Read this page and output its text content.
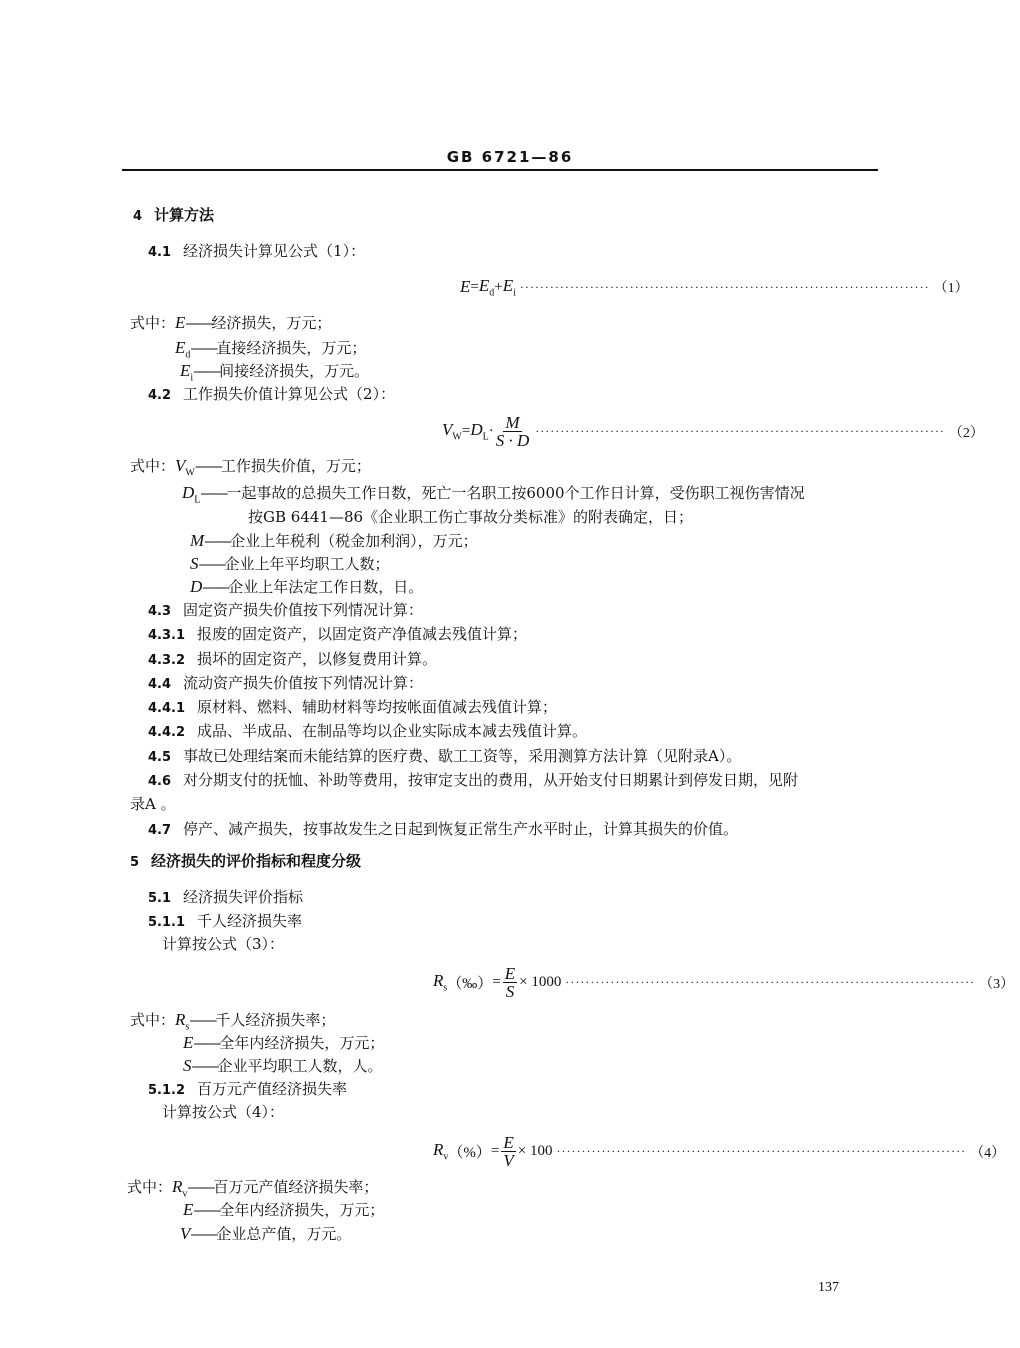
GB 6721—86
4 计算方法
4.1 经济损失计算见公式（1）：
$E = E_d + E_i$ ·················································································· （1）
式中：E——经济损失，万元；
$E_d——$直接经济损失，万元；
$E_i——$间接经济损失，万元。
4.2 工作损失价值计算见公式（2）：
$V_W = D_L \cdot \frac{M}{S \cdot D}$ ·················································································· （2）
式中：$V_W——$工作损失价值，万元；
$D_L——$一起事故的总损失工作日数，死亡一名职工按6000个工作日计算，受伤职工视伤害情况
按GB 6441—86《企业职工伤亡事故分类标准》的附表确定，日；
M——企业上年税利（税金加利润），万元；
S——企业上年平均职工人数；
D——企业上年法定工作日数，日。
4.3 固定资产损失价值按下列情况计算：
4.3.1 报废的固定资产，以固定资产净值减去残值计算；
4.3.2 损坏的固定资产，以修复费用计算。
4.4 流动资产损失价值按下列情况计算：
4.4.1 原材料、燃料、辅助材料等均按帐面值减去残值计算；
4.4.2 成品、半成品、在制品等均以企业实际成本减去残值计算。
4.5 事故已处理结案而未能结算的医疗费、歇工工资等，采用测算方法计算（见附录A）。
4.6 对分期支付的抚恤、补助等费用，按审定支出的费用，从开始支付日期累计到停发日期，见附
录A 。
4.7 停产、减产损失，按事故发生之日起到恢复正常生产水平时止，计算其损失的价值。
5 经济损失的评价指标和程度分级
5.1 经济损失评价指标
5.1.1 千人经济损失率
计算按公式（3）：
$R_s$ （‰） = $\frac{E}{S} \times 1000$ ·················································································· （3）
式中：$R_s——$千人经济损失率；
E——全年内经济损失，万元；
S——企业平均职工人数，人。
5.1.2 百万元产值经济损失率
计算按公式（4）：
$R_v$ （%） = $\frac{E}{V} \times 100$ ·················································································· （4）
式中：$R_v——$百万元产值经济损失率；
E——全年内经济损失，万元；
V——企业总产值，万元。
137
